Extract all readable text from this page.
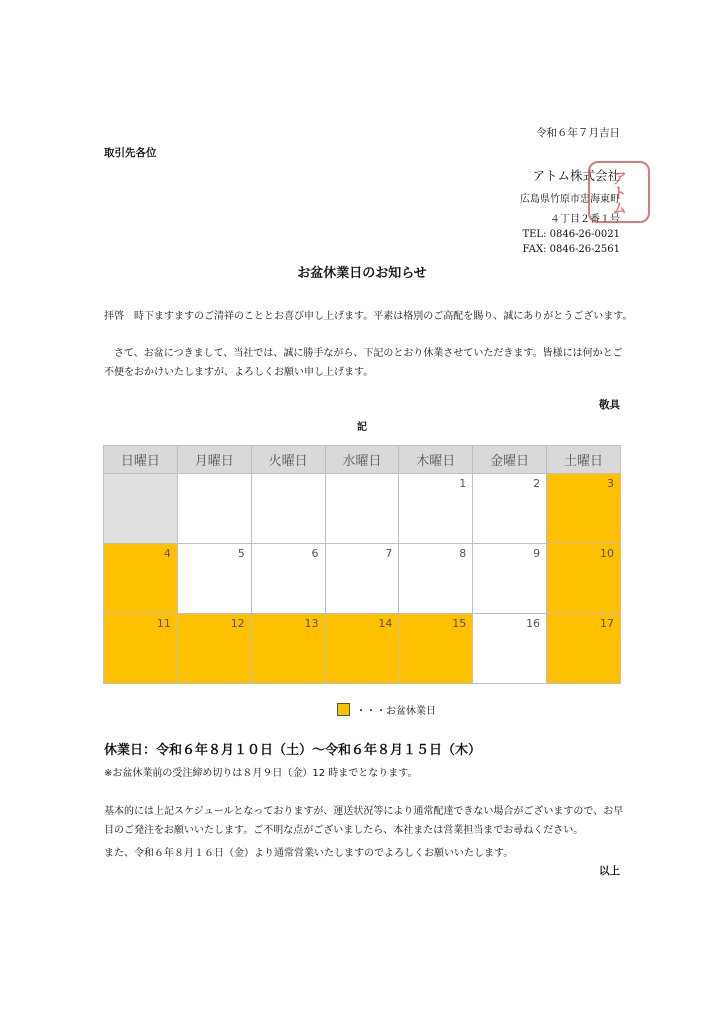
令和６年７月吉日
取引先各位
アトム株式会社
広島県竹原市忠海東町
４丁目２番１号
TEL: 0846-26-0021
FAX: 0846-26-2561
アトム
お盆休業日のお知らせ
拝啓　時下ますますのご清祥のこととお喜び申し上げます。平素は格別のご高配を賜り、誠にありがとうございます。
　さて、お盆につきまして、当社では、誠に勝手ながら、下記のとおり休業させていただきます。皆様には何かとご不便をおかけいたしますが、よろしくお願い申し上げます。
敬具
記
日曜日	月曜日	火曜日	水曜日	木曜日	金曜日	土曜日
				1	2	3
4	5	6	7	8	9	10
11	12	13	14	15	16	17
・・・お盆休業日
休業日：令和６年８月１０日（土）～令和６年８月１５日（木）
※お盆休業前の受注締め切りは８月９日（金）12 時までとなります。
基本的には上記スケジュールとなっておりますが、運送状況等により通常配達できない場合がございますので、お早目のご発注をお願いいたします。ご不明な点がございましたら、本社または営業担当までお尋ねください。
また、令和６年８月１６日（金）より通常営業いたしますのでよろしくお願いいたします。
以上
